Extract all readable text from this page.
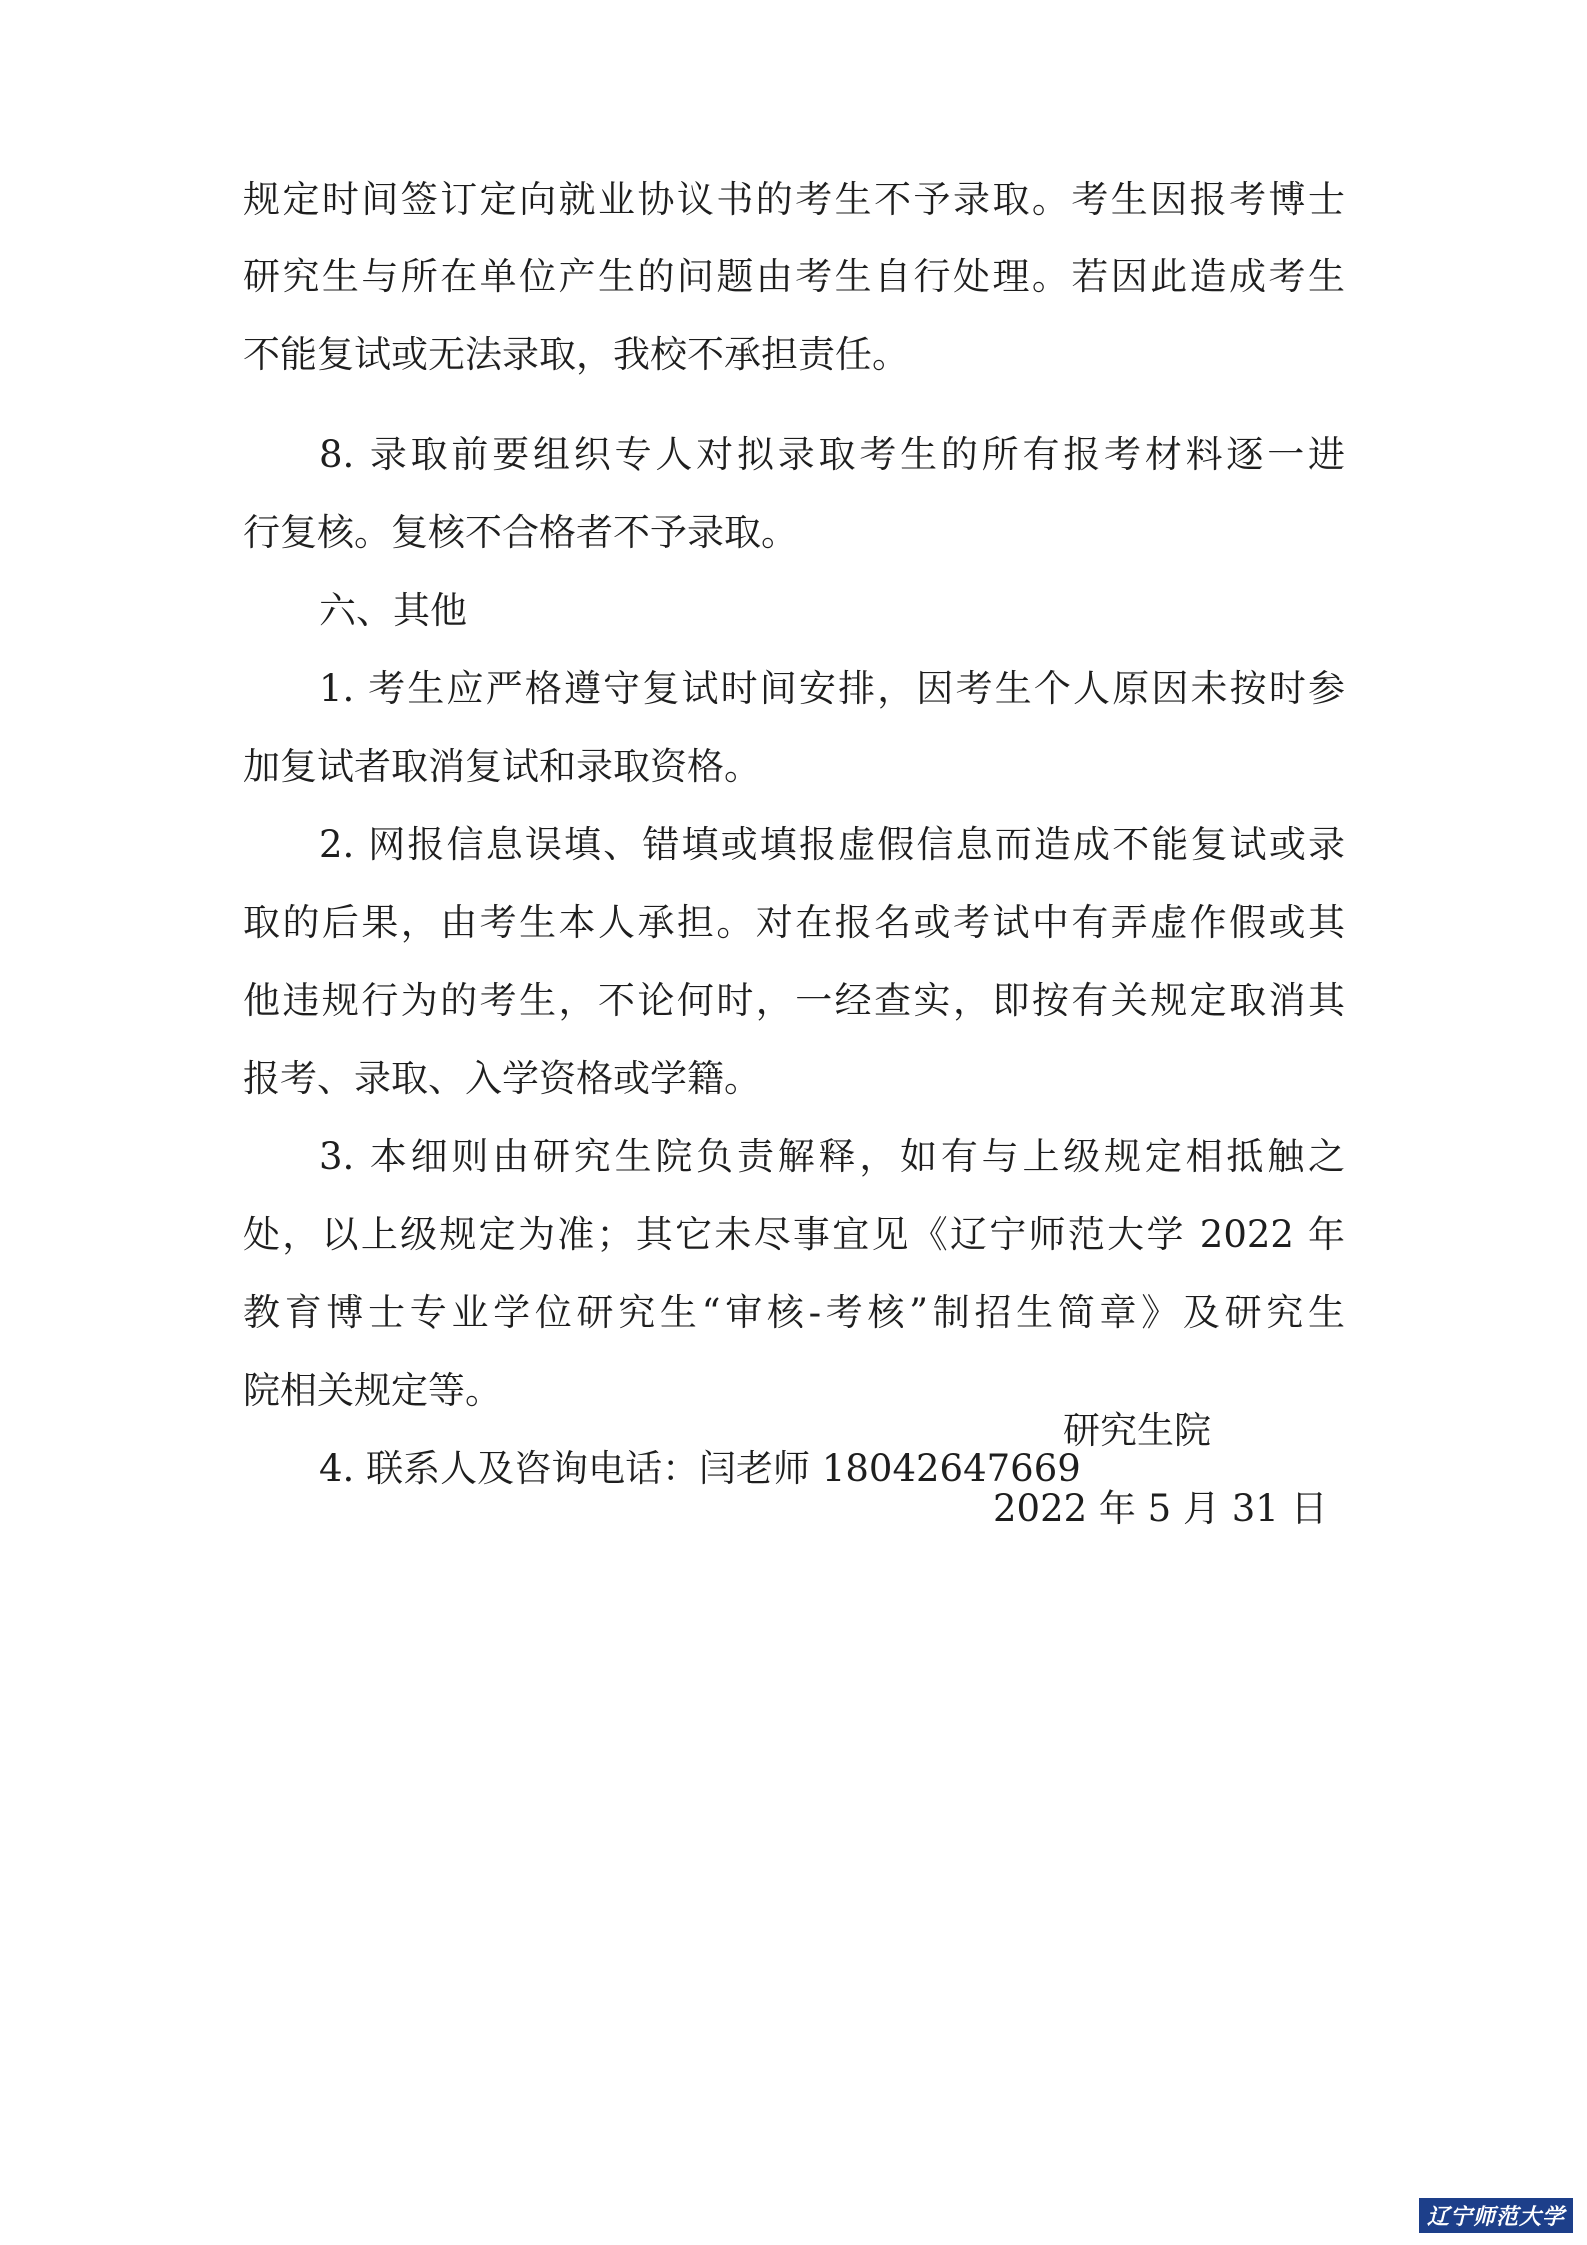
规定时间签订定向就业协议书的考生不予录取。考生因报考博士
研究生与所在单位产生的问题由考生自行处理。若因此造成考生
不能复试或无法录取，我校不承担责任。
8. 录取前要组织专人对拟录取考生的所有报考材料逐一进
行复核。复核不合格者不予录取。
六、其他
1. 考生应严格遵守复试时间安排，因考生个人原因未按时参
加复试者取消复试和录取资格。
2. 网报信息误填、错填或填报虚假信息而造成不能复试或录
取的后果，由考生本人承担。对在报名或考试中有弄虚作假或其
他违规行为的考生，不论何时，一经查实，即按有关规定取消其
报考、录取、入学资格或学籍。
3. 本细则由研究生院负责解释，如有与上级规定相抵触之
处，以上级规定为准；其它未尽事宜见《辽宁师范大学 2022 年
教育博士专业学位研究生“审核-考核”制招生简章》及研究生
院相关规定等。
4. 联系人及咨询电话：闫老师 18042647669
研究生院
2022 年 5 月 31 日
辽宁师范大学
